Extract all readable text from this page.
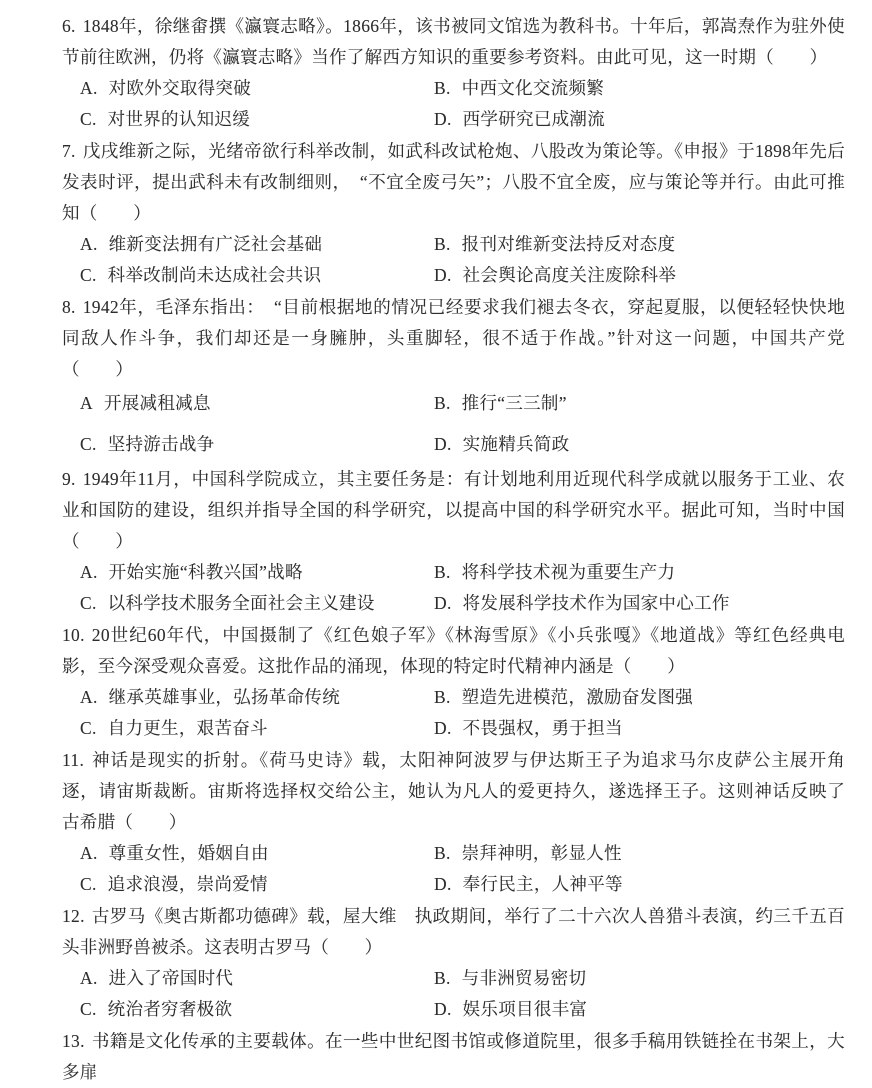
6. 1848年，徐继畬撰《瀛寰志略》。1866年，该书被同文馆选为教科书。十年后，郭嵩焘作为驻外使节前往欧洲，仍将《瀛寰志略》当作了解西方知识的重要参考资料。由此可见，这一时期（　　）

A. 对欧外交取得突破	B. 中西文化交流频繁

C. 对世界的认知迟缓	D. 西学研究已成潮流

7. 戊戌维新之际，光绪帝欲行科举改制，如武科改试枪炮、八股改为策论等。《申报》于1898年先后发表时评，提出武科未有改制细则，　“不宜全废弓矢”；八股不宜全废，应与策论等并行。由此可推知（　　）

A. 维新变法拥有广泛社会基础	B. 报刊对维新变法持反对态度

C. 科举改制尚未达成社会共识	D. 社会舆论高度关注废除科举

8. 1942年，毛泽东指出：　“目前根据地的情况已经要求我们褪去冬衣，穿起夏服，以便轻轻快快地同敌人作斗争，我们却还是一身臃肿，头重脚轻，很不适于作战。”针对这一问题，中国共产党（　　）

A 开展减租减息	B. 推行“三三制”

C. 坚持游击战争	D. 实施精兵简政

9. 1949年11月，中国科学院成立，其主要任务是：有计划地利用近现代科学成就以服务于工业、农业和国防的建设，组织并指导全国的科学研究，以提高中国的科学研究水平。据此可知，当时中国（　　）

A. 开始实施“科教兴国”战略	B. 将科学技术视为重要生产力

C. 以科学技术服务全面社会主义建设	D. 将发展科学技术作为国家中心工作

10. 20世纪60年代，中国摄制了《红色娘子军》《林海雪原》《小兵张嘎》《地道战》等红色经典电影，至今深受观众喜爱。这批作品的涌现，体现的特定时代精神内涵是（　　）

A. 继承英雄事业，弘扬革命传统	B. 塑造先进模范，激励奋发图强

C. 自力更生，艰苦奋斗	D. 不畏强权，勇于担当

11. 神话是现实的折射。《荷马史诗》载，太阳神阿波罗与伊达斯王子为追求马尔皮萨公主展开角逐，请宙斯裁断。宙斯将选择权交给公主，她认为凡人的爱更持久，遂选择王子。这则神话反映了古希腊（　　）

A. 尊重女性，婚姻自由	B. 崇拜神明，彰显人性

C. 追求浪漫，崇尚爱情	D. 奉行民主，人神平等

12. 古罗马《奥古斯都功德碑》载，屋大维　执政期间，举行了二十六次人兽猎斗表演，约三千五百头非洲野兽被杀。这表明古罗马（　　）

A. 进入了帝国时代	B. 与非洲贸易密切

C. 统治者穷奢极欲	D. 娱乐项目很丰富

13. 书籍是文化传承的主要载体。在一些中世纪图书馆或修道院里，很多手稿用铁链拴在书架上，大多扉
